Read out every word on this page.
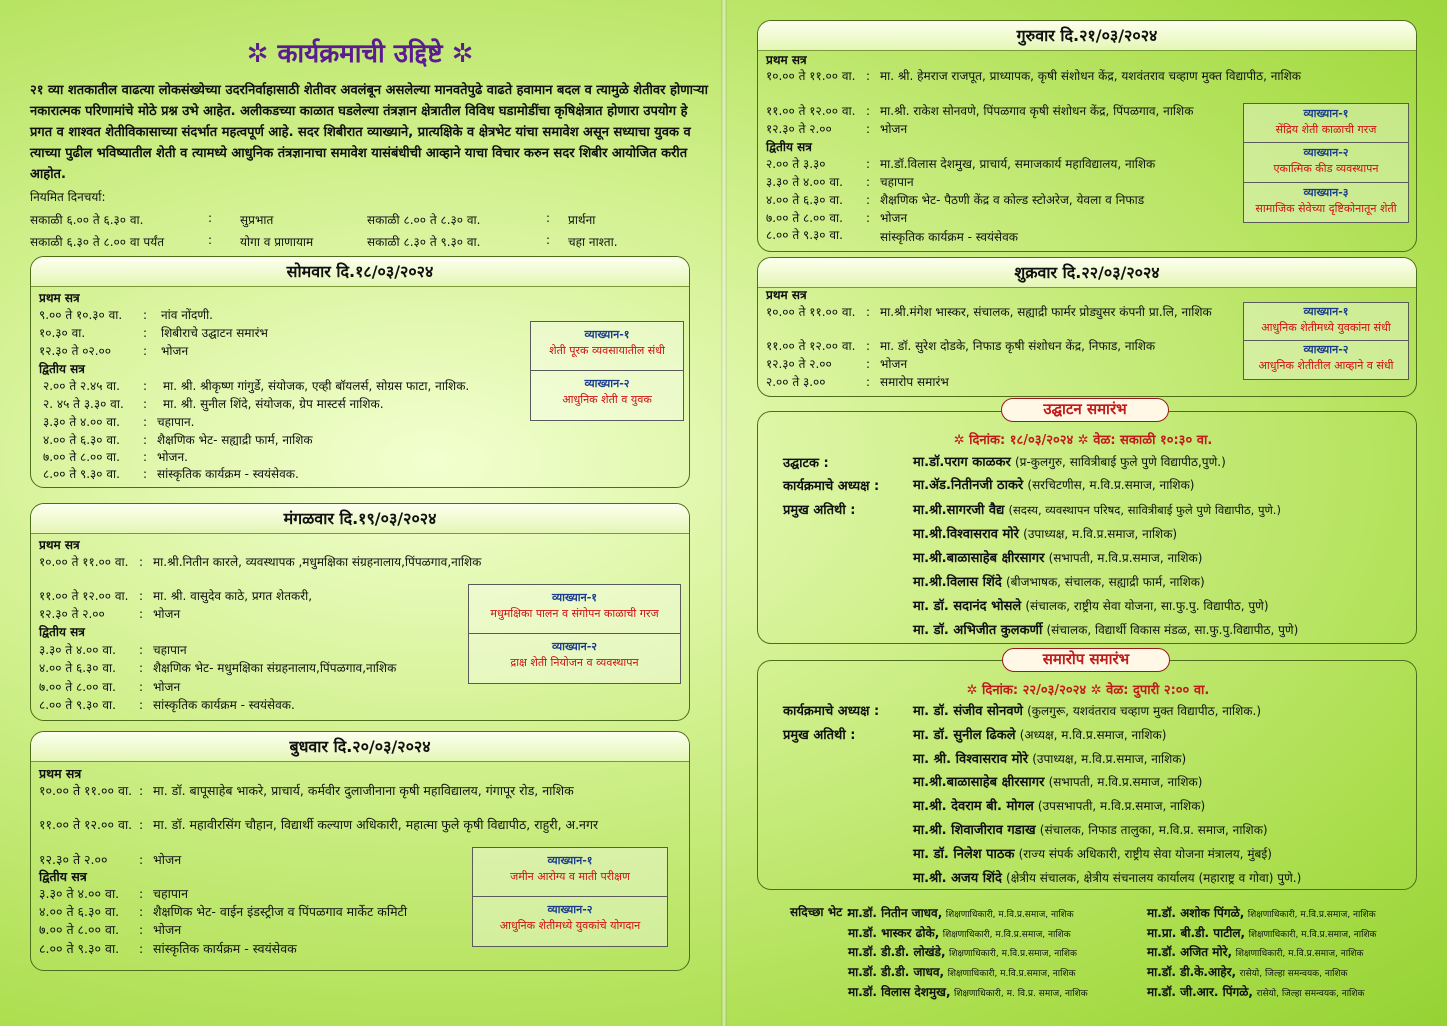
✲ कार्यक्रमाची उद्दिष्टे ✲
२१ व्या शतकातील वाढत्या लोकसंख्येच्या उदरनिर्वाहासाठी शेतीवर अवलंबून असलेल्या मानवतेपुढे वाढते हवामान बदल व त्यामुळे शेतीवर होणाऱ्या नकारात्मक परिणामांचे मोठे प्रश्न उभे आहेत. अलीकडच्या काळात घडलेल्या तंत्रज्ञान क्षेत्रातील विविध घडामोडींचा कृषिक्षेत्रात होणारा उपयोग हे प्रगत व शाश्वत शेतीविकासाच्या संदर्भात महत्वपूर्ण आहे. सदर शिबीरात व्याख्याने, प्रात्यक्षिके व क्षेत्रभेट यांचा समावेश असून सध्याचा युवक व त्याच्या पुढील भविष्यातील शेती व त्यामध्ये आधुनिक तंत्रज्ञानाचा समावेश यासंबंधीची आव्हाने याचा विचार करुन सदर शिबीर आयोजित करीत आहोत.
नियमित दिनचर्या:
सकाळी ६.०० ते ६.३० वा.	: सुप्रभात	सकाळी ८.०० ते ८.३० वा.	: प्रार्थना
सकाळी ६.३० ते ८.०० वा पर्यंत	: योगा व प्राणायाम	सकाळी ८.३० ते ९.३० वा.	: चहा नाश्ता.
सोमवार दि.१८/०३/२०२४
प्रथम सत्र
९.०० ते १०.३० वा. : नांव नोंदणी.
१०.३० वा.	: शिबीराचे उद्घाटन समारंभ
१२.३० ते ०२.००	: भोजन
द्वितीय सत्र
२.०० ते २.४५ वा. : मा. श्री. श्रीकृष्ण गांगुर्डे, संयोजक, एव्ही बॉयलर्स, सोग्रस फाटा, नाशिक.
२. ४५ ते ३.३० वा. : मा. श्री. सुनील शिंदे, संयोजक, ग्रेप मास्टर्स नाशिक.
३.३० ते ४.०० वा. : चहापान.
४.०० ते ६.३० वा. : शैक्षणिक भेट- सह्याद्री फार्म, नाशिक
७.०० ते ८.०० वा. : भोजन.
८.०० ते ९.३० वा. : सांस्कृतिक कार्यक्रम - स्वयंसेवक.
व्याख्यान-१
शेती पूरक व्यवसायातील संधी
व्याख्यान-२
आधुनिक शेती व युवक
मंगळवार दि.१९/०३/२०२४
प्रथम सत्र
१०.०० ते ११.०० वा. : मा.श्री.नितीन कारले, व्यवस्थापक ,मधुमक्षिका संग्रहनालाय,पिंपळगाव,नाशिक
११.०० ते १२.०० वा. : मा. श्री. वासुदेव काठे, प्रगत शेतकरी,
१२.३० ते २.००	: भोजन
द्वितीय सत्र
३.३० ते ४.०० वा. : चहापान
४.०० ते ६.३० वा. : शैक्षणिक भेट- मधुमक्षिका संग्रहनालाय,पिंपळगाव,नाशिक
७.०० ते ८.०० वा. : भोजन
८.०० ते ९.३० वा. : सांस्कृतिक कार्यक्रम - स्वयंसेवक.
व्याख्यान-१
मधुमक्षिका पालन व संगोपन काळाची गरज
व्याख्यान-२
द्राक्ष शेती नियोजन व व्यवस्थापन
बुधवार दि.२०/०३/२०२४
प्रथम सत्र
१०.०० ते ११.०० वा. : मा. डॉ. बापूसाहेब भाकरे, प्राचार्य, कर्मवीर दुलाजीनाना कृषी महाविद्यालय, गंगापूर रोड, नाशिक
११.०० ते १२.०० वा. : मा. डॉ. महावीरसिंग चौहान, विद्यार्थी कल्याण अधिकारी, महात्मा फुले कृषी विद्यापीठ, राहुरी, अ.नगर
१२.३० ते २.००	: भोजन
द्वितीय सत्र
३.३० ते ४.०० वा. : चहापान
४.०० ते ६.३० वा. : शैक्षणिक भेट- वाईन इंडस्ट्रीज व पिंपळगाव मार्केट कमिटी
७.०० ते ८.०० वा. : भोजन
८.०० ते ९.३० वा. : सांस्कृतिक कार्यक्रम - स्वयंसेवक
व्याख्यान-१
जमीन आरोग्य व माती परीक्षण
व्याख्यान-२
आधुनिक शेतीमध्ये युवकांचे योगदान
गुरुवार दि.२१/०३/२०२४
प्रथम सत्र
१०.०० ते ११.०० वा. : मा. श्री. हेमराज राजपूत, प्राध्यापक, कृषी संशोधन केंद्र, यशवंतराव चव्हाण मुक्त विद्यापीठ, नाशिक
११.०० ते १२.०० वा. : मा.श्री. राकेश सोनवणे, पिंपळगाव कृषी संशोधन केंद्र, पिंपळगाव, नाशिक
१२.३० ते २.००	: भोजन
द्वितीय सत्र
२.०० ते ३.३०	: मा.डॉ.विलास देशमुख, प्राचार्य, समाजकार्य महाविद्यालय, नाशिक
३.३० ते ४.०० वा. : चहापान
४.०० ते ६.३० वा. : शैक्षणिक भेट- पैठणी केंद्र व कोल्ड स्टोअरेज, येवला व निफाड
७.०० ते ८.०० वा. : भोजन
८.०० ते ९.३० वा.	सांस्कृतिक कार्यक्रम - स्वयंसेवक
व्याख्यान-१
सेंद्रिय शेती काळाची गरज
व्याख्यान-२
एकात्मिक कीड व्यवस्थापन
व्याख्यान-३
सामाजिक सेवेच्या दृष्टिकोनातून शेती
शुक्रवार दि.२२/०३/२०२४
प्रथम सत्र
१०.०० ते ११.०० वा. : मा.श्री.मंगेश भास्कर, संचालक, सह्याद्री फार्मर प्रोड्युसर कंपनी प्रा.लि, नाशिक
११.०० ते १२.०० वा. : मा. डॉ. सुरेश दोडके, निफाड कृषी संशोधन केंद्र, निफाड, नाशिक
१२.३० ते २.००	: भोजन
२.०० ते ३.००	: समारोप समारंभ
व्याख्यान-१
आधुनिक शेतीमध्ये युवकांना संधी
व्याख्यान-२
आधुनिक शेतीतील आव्हाने व संधी
✲ दिनांक: १८/०३/२०२४ ✲ वेळ: सकाळी १०:३० वा.
उद्घाटक :	मा.डॉ.पराग काळकर (प्र-कुलगुरु, सावित्रीबाई फुले पुणे विद्यापीठ,पुणे.)
कार्यक्रमाचे अध्यक्ष :	मा.ॲड.नितीनजी ठाकरे (सरचिटणीस, म.वि.प्र.समाज, नाशिक)
प्रमुख अतिथी :	मा.श्री.सागरजी वैद्य (सदस्य, व्यवस्थापन परिषद, सावित्रीबाई फुले पुणे विद्यापीठ, पुणे.)
मा.श्री.विश्वासराव मोरे (उपाध्यक्ष, म.वि.प्र.समाज, नाशिक)
मा.श्री.बाळासाहेब क्षीरसागर (सभापती, म.वि.प्र.समाज, नाशिक)
मा.श्री.विलास शिंदे (बीजभाषक, संचालक, सह्याद्री फार्म, नाशिक)
मा. डॉ. सदानंद भोसले (संचालक, राष्ट्रीय सेवा योजना, सा.फु.पु. विद्यापीठ, पुणे)
मा. डॉ. अभिजीत कुलकर्णी (संचालक, विद्यार्थी विकास मंडळ, सा.फु.पु.विद्यापीठ, पुणे)
उद्घाटन समारंभ
✲ दिनांक: २२/०३/२०२४ ✲ वेळ: दुपारी २:०० वा.
कार्यक्रमाचे अध्यक्ष :	मा. डॉ. संजीव सोनवणे (कुलगुरू, यशवंतराव चव्हाण मुक्त विद्यापीठ, नाशिक.)
प्रमुख अतिथी :	मा. डॉ. सुनील ढिकले (अध्यक्ष, म.वि.प्र.समाज, नाशिक)
मा. श्री. विश्वासराव मोरे (उपाध्यक्ष, म.वि.प्र.समाज, नाशिक)
मा.श्री.बाळासाहेब क्षीरसागर (सभापती, म.वि.प्र.समाज, नाशिक)
मा.श्री. देवराम बी. मोगल (उपसभापती, म.वि.प्र.समाज, नाशिक)
मा.श्री. शिवाजीराव गडाख (संचालक, निफाड तालुका, म.वि.प्र. समाज, नाशिक)
मा. डॉ. निलेश पाठक (राज्य संपर्क अधिकारी, राष्ट्रीय सेवा योजना मंत्रालय, मुंबई)
मा.श्री. अजय शिंदे (क्षेत्रीय संचालक, क्षेत्रीय संचनालय कार्यालय (महाराष्ट्र व गोवा) पुणे.)
समारोप समारंभ
सदिच्छा भेट :
मा.डॉ. नितीन जाधव, शिक्षणाधिकारी, म.वि.प्र.समाज, नाशिक
मा.डॉ. भास्कर ढोके, शिक्षणाधिकारी, म.वि.प्र.समाज, नाशिक
मा.डॉ. डी.डी. लोखंडे, शिक्षणाधिकारी, म.वि.प्र.समाज, नाशिक
मा.डॉ. डी.डी. जाधव, शिक्षणाधिकारी, म.वि.प्र.समाज, नाशिक
मा.डॉ. विलास देशमुख, शिक्षणाधिकारी, म. वि.प्र. समाज, नाशिक
मा.डॉ. अशोक पिंगळे, शिक्षणाधिकारी, म.वि.प्र.समाज, नाशिक
मा.प्रा. बी.डी. पाटील, शिक्षणाधिकारी, म.वि.प्र.समाज, नाशिक
मा.डॉ. अजित मोरे, शिक्षणाधिकारी, म.वि.प्र.समाज, नाशिक
मा.डॉ. डी.के.आहेर, रासेयो, जिल्हा समन्वयक, नाशिक
मा.डॉ. जी.आर. पिंगळे, रासेयो, जिल्हा समन्वयक, नाशिक
